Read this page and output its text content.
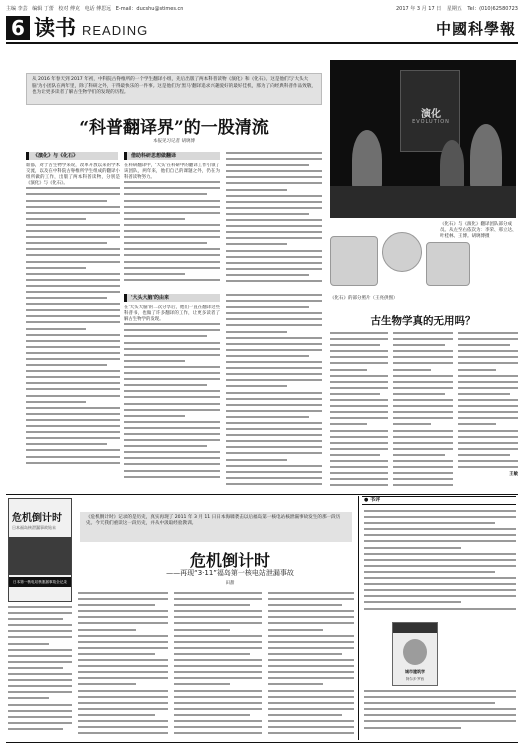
主编 李芸 编辑 丁蕾 校对 傅克 电话 傅思远 E-mail：ducshu@stimes.cn	2017 年 3 月 17 日 星期五 Tel：(010)62580723
6 读书 READING	中國科學報
从 2016 年春天到 2017 年初，中科院古脊椎所的一个学生翻译小组，先后出版了两本科普读物《演化》和《化石》。这是他们与'大头大脑'为小团队在两年里，除了科研之外，干得最快乐的一件事。这是他们为'黑马'翻译追求兴趣爱好的最好佳机，那为了向经典科普作品致敬，也为让更多读者了解古生物学们的发现的历程。
“科普翻译界”的一股清流
本报见习记者 胡璃博
《演化》与《化石》
谁都，对于古生物学来说，改革开放以来的学术交流，以及在中科院古脊椎所学生组成的翻译小组所做的工作，出版了两本科普读物，分别是《演化》与《化石》。
借助科研思想做翻译
在科研翻译中，'大头'在科研中的翻译工作引领了该团队，两年来，他们自己的课题之外，仍在为科普读物努力。
'大头大脑'的由来
在'大头大脑'的二次分享后，他们一直在翻译这些科普书，也做了许多翻译的工作，让更多读者了解古生物学的发现。
演化
EVOLUTION
《化石》与《演化》翻译团队部分成员。从左至右依次为：李荣、邢立达、叶桂林、王博。胡璃博摄
《化石》的部分照片（王亮供图）
古生物学真的无用吗？
王敏
危机倒计时
日本福岛核泄漏事故始末
日本第一核电站核泄漏事故全记录
《危机倒计时》记录的是历史，真实再现了 2011 年 3 月 11 日日本海啸袭击以后福岛第一核电站核泄漏事故发生的那一段历史。今天我们重读这一段历史，并从中汲取经验教训。
危机倒计时
——再现“3·11”福岛第一核电站泄漏事故
田甜
● 书评
城市建筑学
阿尔多·罗西
